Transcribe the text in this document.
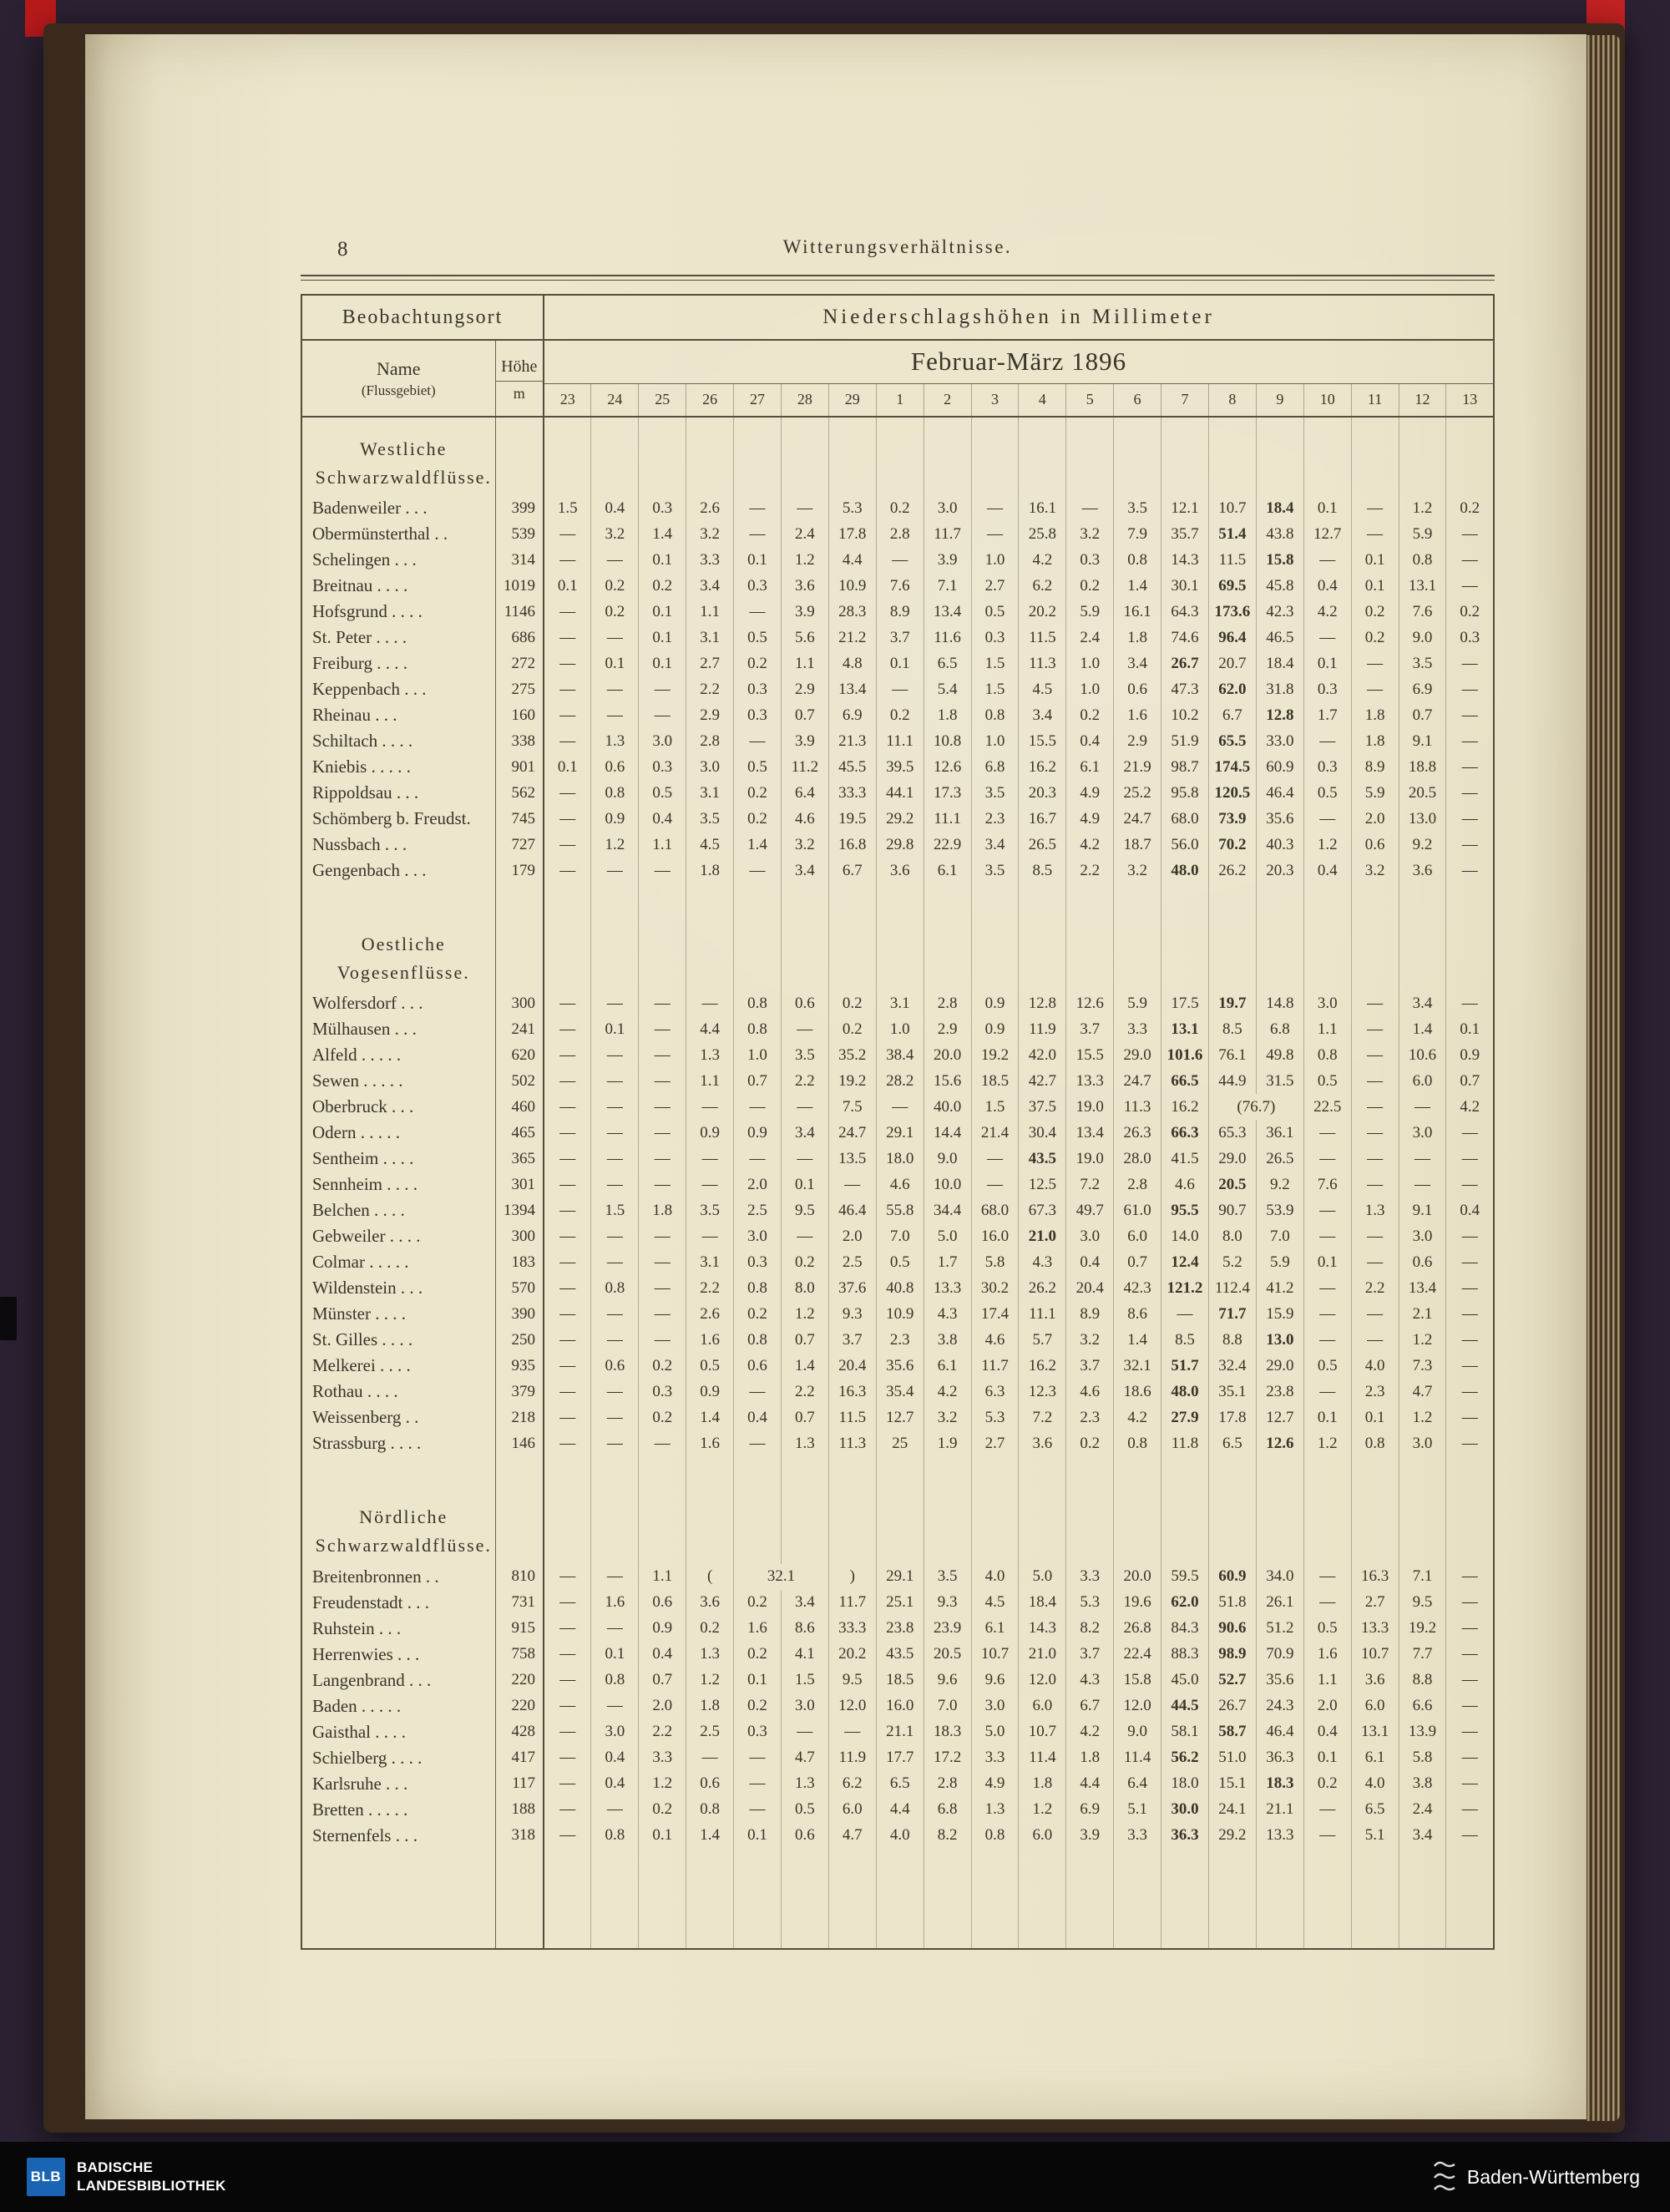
8	Witterungsverhältnisse.
Beobachtungsort		Niederschlagshöhen in Millimeter																			

Name
(Flussgebiet)

Höhe
m
	Februar-März 1896
		23	24	25	26	27	28	29	1	2	3	4	5	6	7	8	9	10	11	12	13

Westliche
Schwarzwaldflüsse.																					

Badenweiler . . .	399	1.5	0.4	0.3	2.6	—	—	5.3	0.2	3.0	—	16.1	—	3.5	12.1	10.7	18.4	0.1	—	1.2	0.2
Obermünsterthal . .	539	—	3.2	1.4	3.2	—	2.4	17.8	2.8	11.7	—	25.8	3.2	7.9	35.7	51.4	43.8	12.7	—	5.9	—
Schelingen . . .	314	—	—	0.1	3.3	0.1	1.2	4.4	—	3.9	1.0	4.2	0.3	0.8	14.3	11.5	15.8	—	0.1	0.8	—
Breitnau . . . .	1019	0.1	0.2	0.2	3.4	0.3	3.6	10.9	7.6	7.1	2.7	6.2	0.2	1.4	30.1	69.5	45.8	0.4	0.1	13.1	—
Hofsgrund . . . .	1146	—	0.2	0.1	1.1	—	3.9	28.3	8.9	13.4	0.5	20.2	5.9	16.1	64.3	173.6	42.3	4.2	0.2	7.6	0.2
St. Peter . . . .	686	—	—	0.1	3.1	0.5	5.6	21.2	3.7	11.6	0.3	11.5	2.4	1.8	74.6	96.4	46.5	—	0.2	9.0	0.3
Freiburg . . . .	272	—	0.1	0.1	2.7	0.2	1.1	4.8	0.1	6.5	1.5	11.3	1.0	3.4	26.7	20.7	18.4	0.1	—	3.5	—
Keppenbach . . .	275	—	—	—	2.2	0.3	2.9	13.4	—	5.4	1.5	4.5	1.0	0.6	47.3	62.0	31.8	0.3	—	6.9	—
Rheinau . . .	160	—	—	—	2.9	0.3	0.7	6.9	0.2	1.8	0.8	3.4	0.2	1.6	10.2	6.7	12.8	1.7	1.8	0.7	—
Schiltach . . . .	338	—	1.3	3.0	2.8	—	3.9	21.3	11.1	10.8	1.0	15.5	0.4	2.9	51.9	65.5	33.0	—	1.8	9.1	—
Kniebis . . . . .	901	0.1	0.6	0.3	3.0	0.5	11.2	45.5	39.5	12.6	6.8	16.2	6.1	21.9	98.7	174.5	60.9	0.3	8.9	18.8	—
Rippoldsau . . .	562	—	0.8	0.5	3.1	0.2	6.4	33.3	44.1	17.3	3.5	20.3	4.9	25.2	95.8	120.5	46.4	0.5	5.9	20.5	—
Schömberg b. Freudst.	745	—	0.9	0.4	3.5	0.2	4.6	19.5	29.2	11.1	2.3	16.7	4.9	24.7	68.0	73.9	35.6	—	2.0	13.0	—
Nussbach . . .	727	—	1.2	1.1	4.5	1.4	3.2	16.8	29.8	22.9	3.4	26.5	4.2	18.7	56.0	70.2	40.3	1.2	0.6	9.2	—
Gengenbach . . .	179	—	—	—	1.8	—	3.4	6.7	3.6	6.1	3.5	8.5	2.2	3.2	48.0	26.2	20.3	0.4	3.2	3.6	—

Oestliche
Vogesenflüsse.																					

Wolfersdorf . . .	300	—	—	—	—	0.8	0.6	0.2	3.1	2.8	0.9	12.8	12.6	5.9	17.5	19.7	14.8	3.0	—	3.4	—
Mülhausen . . .	241	—	0.1	—	4.4	0.8	—	0.2	1.0	2.9	0.9	11.9	3.7	3.3	13.1	8.5	6.8	1.1	—	1.4	0.1
Alfeld . . . . .	620	—	—	—	1.3	1.0	3.5	35.2	38.4	20.0	19.2	42.0	15.5	29.0	101.6	76.1	49.8	0.8	—	10.6	0.9
Sewen . . . . .	502	—	—	—	1.1	0.7	2.2	19.2	28.2	15.6	18.5	42.7	13.3	24.7	66.5	44.9	31.5	0.5	—	6.0	0.7
Oberbruck . . .	460	—	—	—	—	—	—	7.5	—	40.0	1.5	37.5	19.0	11.3	16.2	(76.7)		22.5	—	—	4.2
Odern . . . . .	465	—	—	—	0.9	0.9	3.4	24.7	29.1	14.4	21.4	30.4	13.4	26.3	66.3	65.3	36.1	—	—	3.0	—
Sentheim . . . .	365	—	—	—	—	—	—	13.5	18.0	9.0	—	43.5	19.0	28.0	41.5	29.0	26.5	—	—	—	—
Sennheim . . . .	301	—	—	—	—	2.0	0.1	—	4.6	10.0	—	12.5	7.2	2.8	4.6	20.5	9.2	7.6	—	—	—
Belchen . . . .	1394	—	1.5	1.8	3.5	2.5	9.5	46.4	55.8	34.4	68.0	67.3	49.7	61.0	95.5	90.7	53.9	—	1.3	9.1	0.4
Gebweiler . . . .	300	—	—	—	—	3.0	—	2.0	7.0	5.0	16.0	21.0	3.0	6.0	14.0	8.0	7.0	—	—	3.0	—
Colmar . . . . .	183	—	—	—	3.1	0.3	0.2	2.5	0.5	1.7	5.8	4.3	0.4	0.7	12.4	5.2	5.9	0.1	—	0.6	—
Wildenstein . . .	570	—	0.8	—	2.2	0.8	8.0	37.6	40.8	13.3	30.2	26.2	20.4	42.3	121.2	112.4	41.2	—	2.2	13.4	—
Münster . . . .	390	—	—	—	2.6	0.2	1.2	9.3	10.9	4.3	17.4	11.1	8.9	8.6	—	71.7	15.9	—	—	2.1	—
St. Gilles . . . .	250	—	—	—	1.6	0.8	0.7	3.7	2.3	3.8	4.6	5.7	3.2	1.4	8.5	8.8	13.0	—	—	1.2	—
Melkerei . . . .	935	—	0.6	0.2	0.5	0.6	1.4	20.4	35.6	6.1	11.7	16.2	3.7	32.1	51.7	32.4	29.0	0.5	4.0	7.3	—
Rothau . . . .	379	—	—	0.3	0.9	—	2.2	16.3	35.4	4.2	6.3	12.3	4.6	18.6	48.0	35.1	23.8	—	2.3	4.7	—
Weissenberg . .	218	—	—	0.2	1.4	0.4	0.7	11.5	12.7	3.2	5.3	7.2	2.3	4.2	27.9	17.8	12.7	0.1	0.1	1.2	—
Strassburg . . . .	146	—	—	—	1.6	—	1.3	11.3	25	1.9	2.7	3.6	0.2	0.8	11.8	6.5	12.6	1.2	0.8	3.0	—

Nördliche
Schwarzwaldflüsse.																					

Breitenbronnen . .	810	—	—	1.1	(	32.1		)	29.1	3.5	4.0	5.0	3.3	20.0	59.5	60.9	34.0	—	16.3	7.1	—
Freudenstadt . . .	731	—	1.6	0.6	3.6	0.2	3.4	11.7	25.1	9.3	4.5	18.4	5.3	19.6	62.0	51.8	26.1	—	2.7	9.5	—
Ruhstein . . .	915	—	—	0.9	0.2	1.6	8.6	33.3	23.8	23.9	6.1	14.3	8.2	26.8	84.3	90.6	51.2	0.5	13.3	19.2	—
Herrenwies . . .	758	—	0.1	0.4	1.3	0.2	4.1	20.2	43.5	20.5	10.7	21.0	3.7	22.4	88.3	98.9	70.9	1.6	10.7	7.7	—
Langenbrand . . .	220	—	0.8	0.7	1.2	0.1	1.5	9.5	18.5	9.6	9.6	12.0	4.3	15.8	45.0	52.7	35.6	1.1	3.6	8.8	—
Baden . . . . .	220	—	—	2.0	1.8	0.2	3.0	12.0	16.0	7.0	3.0	6.0	6.7	12.0	44.5	26.7	24.3	2.0	6.0	6.6	—
Gaisthal . . . .	428	—	3.0	2.2	2.5	0.3	—	—	21.1	18.3	5.0	10.7	4.2	9.0	58.1	58.7	46.4	0.4	13.1	13.9	—
Schielberg . . . .	417	—	0.4	3.3	—	—	4.7	11.9	17.7	17.2	3.3	11.4	1.8	11.4	56.2	51.0	36.3	0.1	6.1	5.8	—
Karlsruhe . . .	117	—	0.4	1.2	0.6	—	1.3	6.2	6.5	2.8	4.9	1.8	4.4	6.4	18.0	15.1	18.3	0.2	4.0	3.8	—
Bretten . . . . .	188	—	—	0.2	0.8	—	0.5	6.0	4.4	6.8	1.3	1.2	6.9	5.1	30.0	24.1	21.1	—	6.5	2.4	—
Sternenfels . . .	318	—	0.8	0.1	1.4	0.1	0.6	4.7	4.0	8.2	0.8	6.0	3.9	3.3	36.3	29.2	13.3	—	5.1	3.4	—

BLB
BADISCHE
LANDESBIBLIOTHEK	Baden-Württemberg
